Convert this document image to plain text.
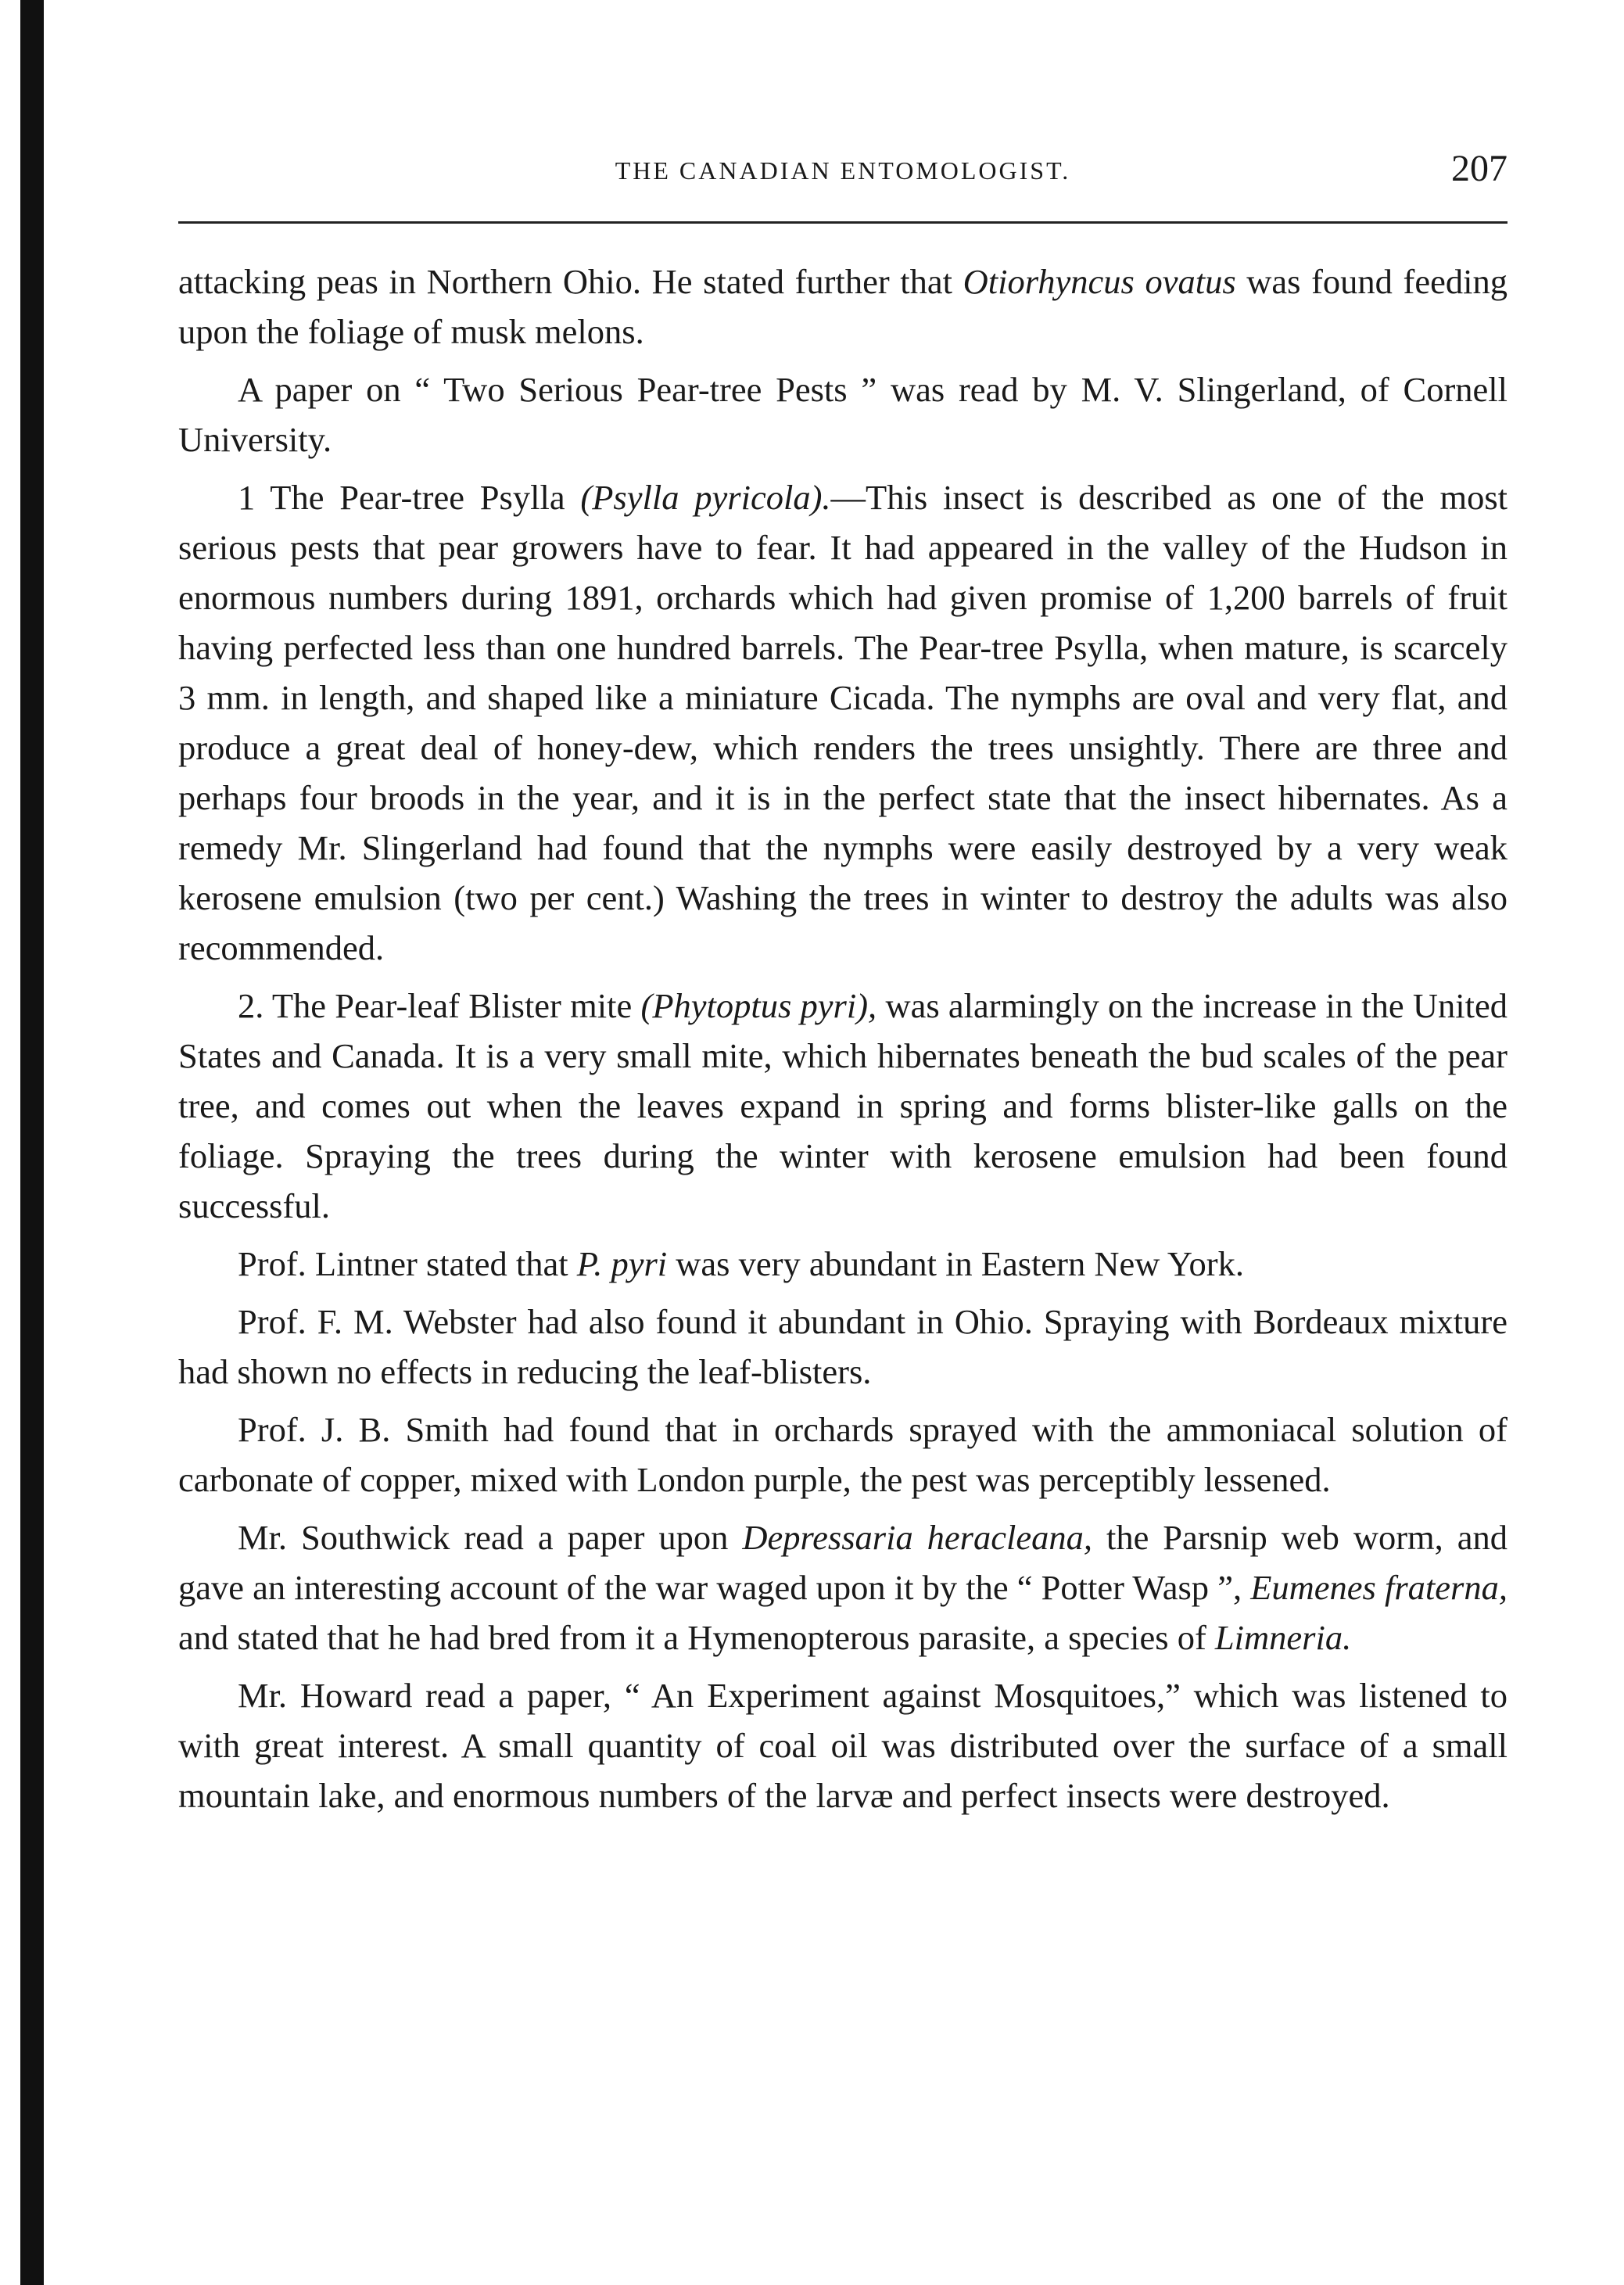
THE CANADIAN ENTOMOLOGIST.	207

attacking peas in Northern Ohio. He stated further that Otiorhyncus ovatus was found feeding upon the foliage of musk melons.

A paper on “ Two Serious Pear-tree Pests ” was read by M. V. Slingerland, of Cornell University.

1 The Pear-tree Psylla (Psylla pyricola).—This insect is described as one of the most serious pests that pear growers have to fear. It had appeared in the valley of the Hudson in enormous numbers during 1891, orchards which had given promise of 1,200 barrels of fruit having perfected less than one hundred barrels. The Pear-tree Psylla, when mature, is scarcely 3 mm. in length, and shaped like a miniature Cicada. The nymphs are oval and very flat, and produce a great deal of honey-dew, which renders the trees unsightly. There are three and perhaps four broods in the year, and it is in the perfect state that the insect hibernates. As a remedy Mr. Slingerland had found that the nymphs were easily destroyed by a very weak kerosene emulsion (two per cent.) Washing the trees in winter to destroy the adults was also recommended.

2. The Pear-leaf Blister mite (Phytoptus pyri), was alarmingly on the increase in the United States and Canada. It is a very small mite, which hibernates beneath the bud scales of the pear tree, and comes out when the leaves expand in spring and forms blister-like galls on the foliage. Spraying the trees during the winter with kerosene emulsion had been found successful.

Prof. Lintner stated that P. pyri was very abundant in Eastern New York.

Prof. F. M. Webster had also found it abundant in Ohio. Spraying with Bordeaux mixture had shown no effects in reducing the leaf-blisters.

Prof. J. B. Smith had found that in orchards sprayed with the ammoniacal solution of carbonate of copper, mixed with London purple, the pest was perceptibly lessened.

Mr. Southwick read a paper upon Depressaria heracleana, the Parsnip web worm, and gave an interesting account of the war waged upon it by the “ Potter Wasp ”, Eumenes fraterna, and stated that he had bred from it a Hymenopterous parasite, a species of Limneria.

Mr. Howard read a paper, “ An Experiment against Mosquitoes,” which was listened to with great interest. A small quantity of coal oil was distributed over the surface of a small mountain lake, and enormous numbers of the larvæ and perfect insects were destroyed.
